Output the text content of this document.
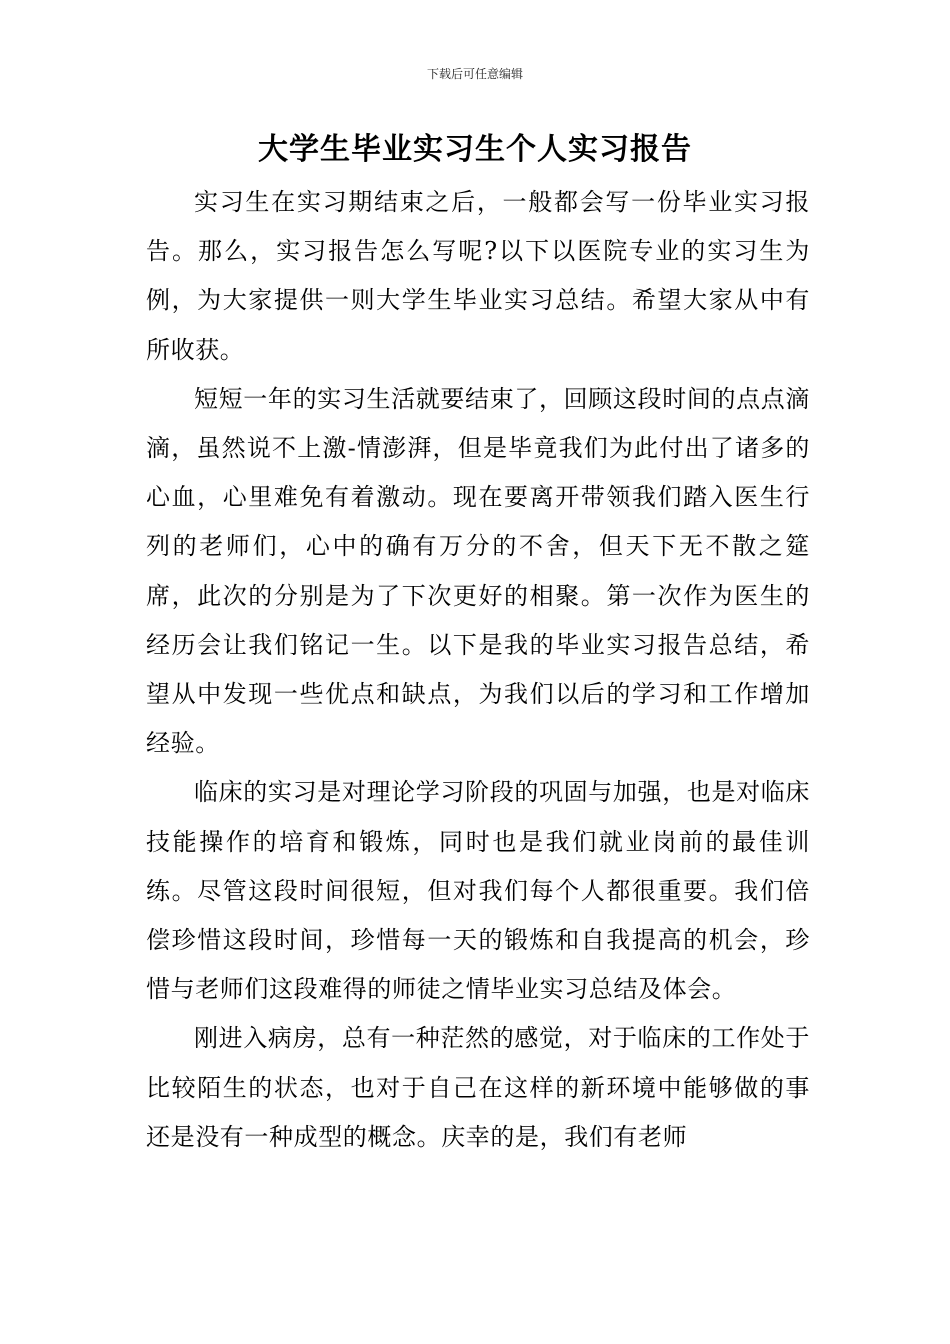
下载后可任意编辑
大学生毕业实习生个人实习报告

实习生在实习期结束之后，一般都会写一份毕业实习报告。那么，实习报告怎么写呢?以下以医院专业的实习生为例，为大家提供一则大学生毕业实习总结。希望大家从中有所收获。

短短一年的实习生活就要结束了，回顾这段时间的点点滴滴，虽然说不上激-情澎湃，但是毕竟我们为此付出了诸多的心血，心里难免有着激动。现在要离开带领我们踏入医生行列的老师们，心中的确有万分的不舍，但天下无不散之筵席，此次的分别是为了下次更好的相聚。第一次作为医生的经历会让我们铭记一生。以下是我的毕业实习报告总结，希望从中发现一些优点和缺点，为我们以后的学习和工作增加经验。

临床的实习是对理论学习阶段的巩固与加强，也是对临床技能操作的培育和锻炼，同时也是我们就业岗前的最佳训练。尽管这段时间很短，但对我们每个人都很重要。我们倍偿珍惜这段时间，珍惜每一天的锻炼和自我提高的机会，珍惜与老师们这段难得的师徒之情毕业实习总结及体会。

刚进入病房，总有一种茫然的感觉，对于临床的工作处于比较陌生的状态，也对于自己在这样的新环境中能够做的事还是没有一种成型的概念。庆幸的是，我们有老师
